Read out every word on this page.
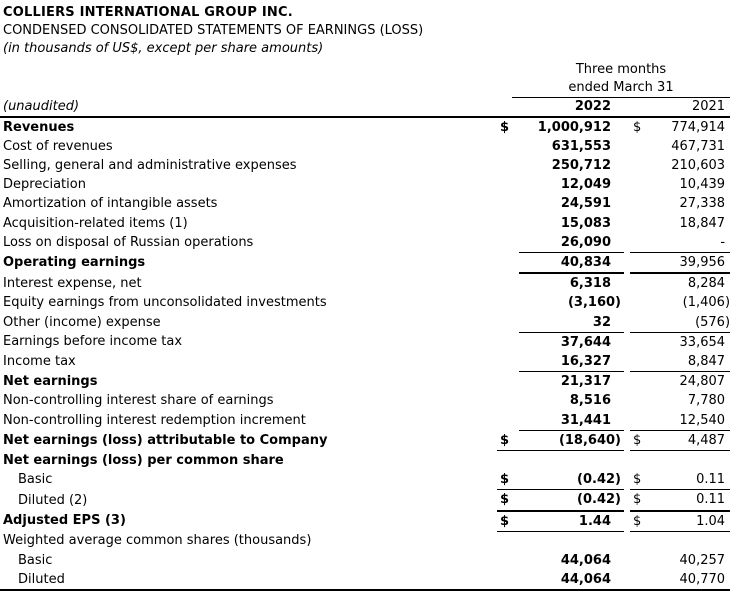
COLLIERS INTERNATIONAL GROUP INC.
CONDENSED CONSOLIDATED STATEMENTS OF EARNINGS (LOSS)
(in thousands of US$, except per share amounts)

	Three months
ended March 31				

(unaudited)		2022			2021
Revenues	$	1,000,912		$	774,914
Cost of revenues		631,553			467,731
Selling, general and administrative expenses		250,712			210,603
Depreciation		12,049			10,439
Amortization of intangible assets		24,591			27,338
Acquisition-related items (1)		15,083			18,847
Loss on disposal of Russian operations		26,090			-
Operating earnings		40,834			39,956
Interest expense, net		6,318			8,284
Equity earnings from unconsolidated investments		(3,160)			(1,406)
Other (income) expense		32			(576)
Earnings before income tax		37,644			33,654
Income tax		16,327			8,847
Net earnings		21,317			24,807
Non-controlling interest share of earnings		8,516			7,780
Non-controlling interest redemption increment		31,441			12,540
Net earnings (loss) attributable to Company	$	(18,640)		$	4,487
Net earnings (loss) per common share					
Basic	$	(0.42)		$	0.11
Diluted (2)	$	(0.42)		$	0.11
Adjusted EPS (3)	$	1.44		$	1.04
Weighted average common shares (thousands)					
Basic		44,064			40,257
Diluted		44,064			40,770
